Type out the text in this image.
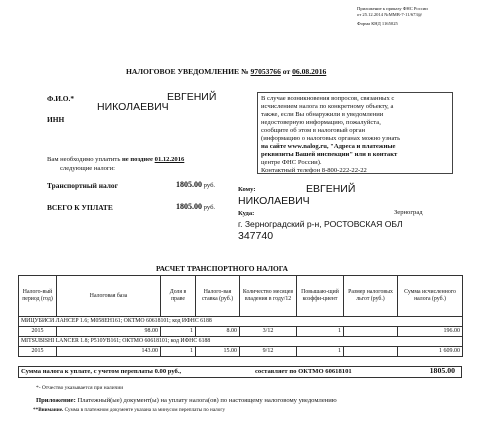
Приложение к приказу ФНС России
от 25.12.2014 №ММВ-7-11/673@
Форма КНД 1165025
НАЛОГОВОЕ УВЕДОМЛЕНИЕ № 97053766 от 06.08.2016
Ф.И.О.*	ЕВГЕНИЙ
НИКОЛАЕВИЧ
ИНН
В случае возникновения вопросов, связанных с
исчислением налога по конкретному объекту, а
также, если Вы обнаружили в уведомлении
недостоверную информацию, пожалуйста,
сообщите об этом в налоговый орган
(информацию о налоговых органах можно узнать
на сайте www.nalog.ru, "Адреса и платежные
реквизиты Вашей инспекции" или в контакт
центре ФНС России).
Контактный телефон 8-800-222-22-22
Вам необходимо уплатить не позднее 01.12.2016
следующие налоги:
Транспортный налог	1805.00 руб.
ВСЕГО К УПЛАТЕ	1805.00 руб.
Кому:	ЕВГЕНИЙ
НИКОЛАЕВИЧ
Куда:	Зерноград
г. Зерноградский р-н, РОСТОВСКАЯ ОБЛ
347740
РАСЧЕТ ТРАНСПОРТНОГО НАЛОГА
Налого-вый период (год)	Налоговая база	Доля в праве	Налого-вая ставка (руб.)	Количество месяцев владения в году/12	Повышаю-щий коэффи-циент	Размер налоговых льгот (руб.)	Сумма исчисленного налога (руб.)
МИЦУБИСИ ЛАНСЕР 1.6; М058ЕН161; ОКТМО 60618101; код ИФНС 6188							
2015	98.00	1	8.00	3/12	1		196.00
MITSUBISHI LANCER 1.8; Р510УВ161; ОКТМО 60618101; код ИФНС 6188							
2015	143.00	1	15.00	9/12	1		1 609.00
Сумма налога к уплате, с учетом переплаты 0.00 руб.,	составляет по ОКТМО 60618101	1805.00
*- Отчество указывается при наличии
Приложение: Платежный(ые) документ(ы) на уплату налога(ов) по настоящему налоговому уведомлению
**Внимание. Сумма в платежном документе указана за минусом переплаты по налогу
